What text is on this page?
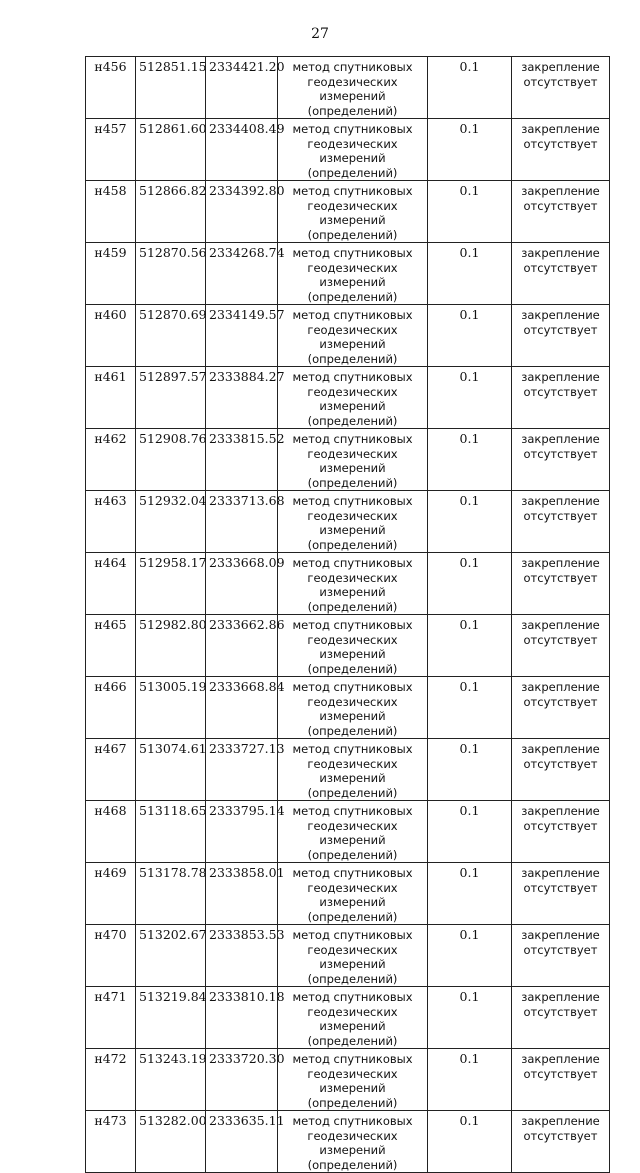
27
н456	512851.15	2334421.20	метод спутниковых
геодезических измерений
(определений)	0.1	закрепление
отсутствует

н457	512861.60	2334408.49	метод спутниковых
геодезических измерений
(определений)	0.1	закрепление
отсутствует

н458	512866.82	2334392.80	метод спутниковых
геодезических измерений
(определений)	0.1	закрепление
отсутствует

н459	512870.56	2334268.74	метод спутниковых
геодезических измерений
(определений)	0.1	закрепление
отсутствует

н460	512870.69	2334149.57	метод спутниковых
геодезических измерений
(определений)	0.1	закрепление
отсутствует

н461	512897.57	2333884.27	метод спутниковых
геодезических измерений
(определений)	0.1	закрепление
отсутствует

н462	512908.76	2333815.52	метод спутниковых
геодезических измерений
(определений)	0.1	закрепление
отсутствует

н463	512932.04	2333713.68	метод спутниковых
геодезических измерений
(определений)	0.1	закрепление
отсутствует

н464	512958.17	2333668.09	метод спутниковых
геодезических измерений
(определений)	0.1	закрепление
отсутствует

н465	512982.80	2333662.86	метод спутниковых
геодезических измерений
(определений)	0.1	закрепление
отсутствует

н466	513005.19	2333668.84	метод спутниковых
геодезических измерений
(определений)	0.1	закрепление
отсутствует

н467	513074.61	2333727.13	метод спутниковых
геодезических измерений
(определений)	0.1	закрепление
отсутствует

н468	513118.65	2333795.14	метод спутниковых
геодезических измерений
(определений)	0.1	закрепление
отсутствует

н469	513178.78	2333858.01	метод спутниковых
геодезических измерений
(определений)	0.1	закрепление
отсутствует

н470	513202.67	2333853.53	метод спутниковых
геодезических измерений
(определений)	0.1	закрепление
отсутствует

н471	513219.84	2333810.18	метод спутниковых
геодезических измерений
(определений)	0.1	закрепление
отсутствует

н472	513243.19	2333720.30	метод спутниковых
геодезических измерений
(определений)	0.1	закрепление
отсутствует

н473	513282.00	2333635.11	метод спутниковых
геодезических измерений
(определений)	0.1	закрепление
отсутствует
